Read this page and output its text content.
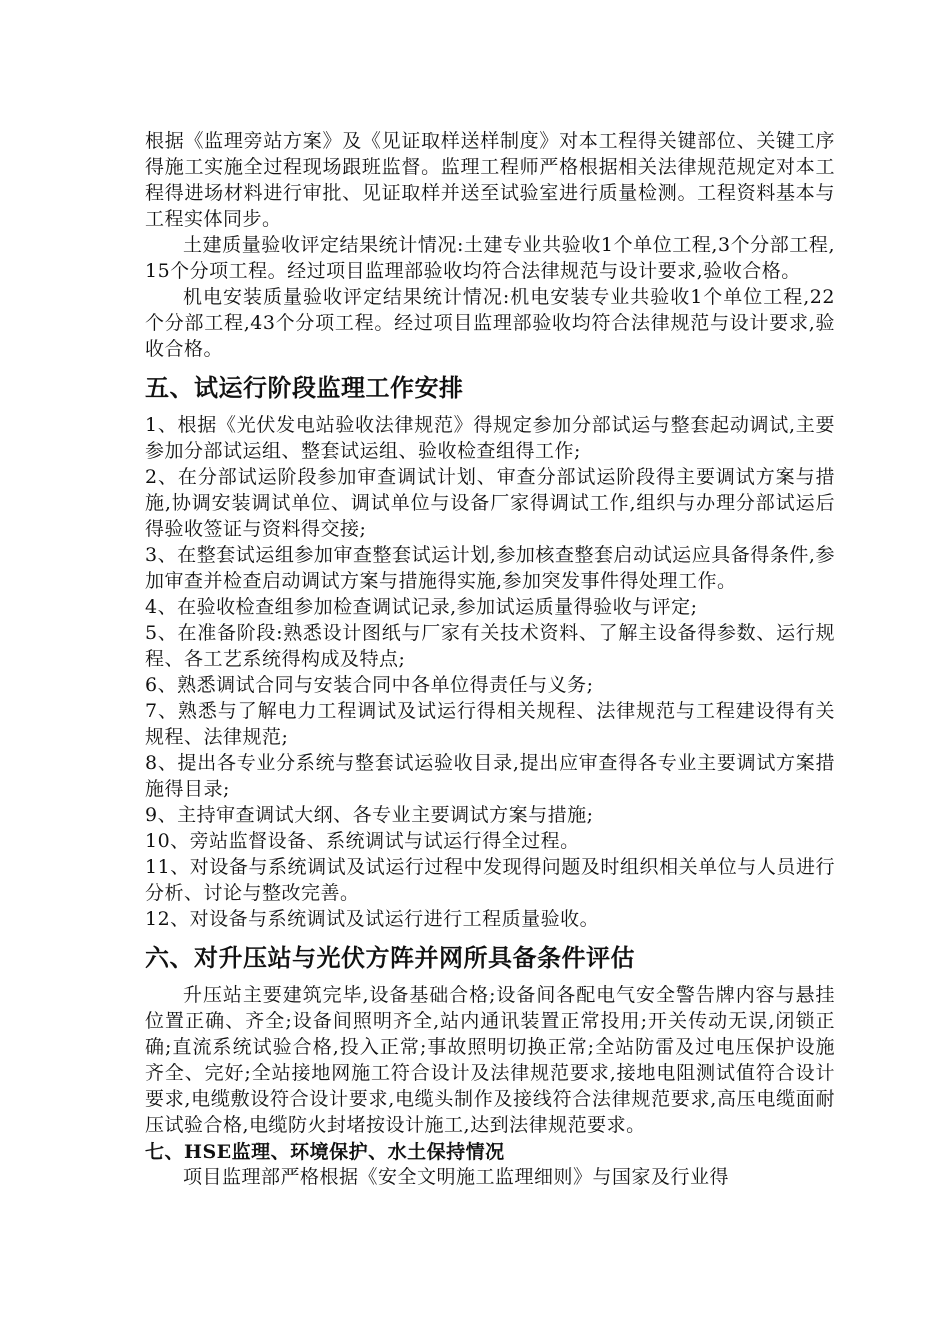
根据《监理旁站方案》及《见证取样送样制度》对本工程得关键部位、关键工序得施工实施全过程现场跟班监督。监理工程师严格根据相关法律规范规定对本工程得进场材料进行审批、见证取样并送至试验室进行质量检测。工程资料基本与工程实体同步。

土建质量验收评定结果统计情况:土建专业共验收1个单位工程,3个分部工程,15个分项工程。经过项目监理部验收均符合法律规范与设计要求,验收合格。

机电安装质量验收评定结果统计情况:机电安装专业共验收1个单位工程,22个分部工程,43个分项工程。经过项目监理部验收均符合法律规范与设计要求,验收合格。

五、试运行阶段监理工作安排

1、根据《光伏发电站验收法律规范》得规定参加分部试运与整套起动调试,主要参加分部试运组、整套试运组、验收检查组得工作;

2、在分部试运阶段参加审查调试计划、审查分部试运阶段得主要调试方案与措施,协调安装调试单位、调试单位与设备厂家得调试工作,组织与办理分部试运后得验收签证与资料得交接;

3、在整套试运组参加审查整套试运计划,参加核查整套启动试运应具备得条件,参加审查并检查启动调试方案与措施得实施,参加突发事件得处理工作。

4、在验收检查组参加检查调试记录,参加试运质量得验收与评定;

5、在准备阶段:熟悉设计图纸与厂家有关技术资料、了解主设备得参数、运行规程、各工艺系统得构成及特点;

6、熟悉调试合同与安装合同中各单位得责任与义务;

7、熟悉与了解电力工程调试及试运行得相关规程、法律规范与工程建设得有关规程、法律规范;

8、提出各专业分系统与整套试运验收目录,提出应审查得各专业主要调试方案措施得目录;

9、主持审查调试大纲、各专业主要调试方案与措施;

10、旁站监督设备、系统调试与试运行得全过程。

11、对设备与系统调试及试运行过程中发现得问题及时组织相关单位与人员进行分析、讨论与整改完善。

12、对设备与系统调试及试运行进行工程质量验收。

六、对升压站与光伏方阵并网所具备条件评估

升压站主要建筑完毕,设备基础合格;设备间各配电气安全警告牌内容与悬挂位置正确、齐全;设备间照明齐全,站内通讯装置正常投用;开关传动无误,闭锁正确;直流系统试验合格,投入正常;事故照明切换正常;全站防雷及过电压保护设施齐全、完好;全站接地网施工符合设计及法律规范要求,接地电阻测试值符合设计要求,电缆敷设符合设计要求,电缆头制作及接线符合法律规范要求,高压电缆面耐压试验合格,电缆防火封堵按设计施工,达到法律规范要求。

七、HSE监理、环境保护、水土保持情况

项目监理部严格根据《安全文明施工监理细则》与国家及行业得
